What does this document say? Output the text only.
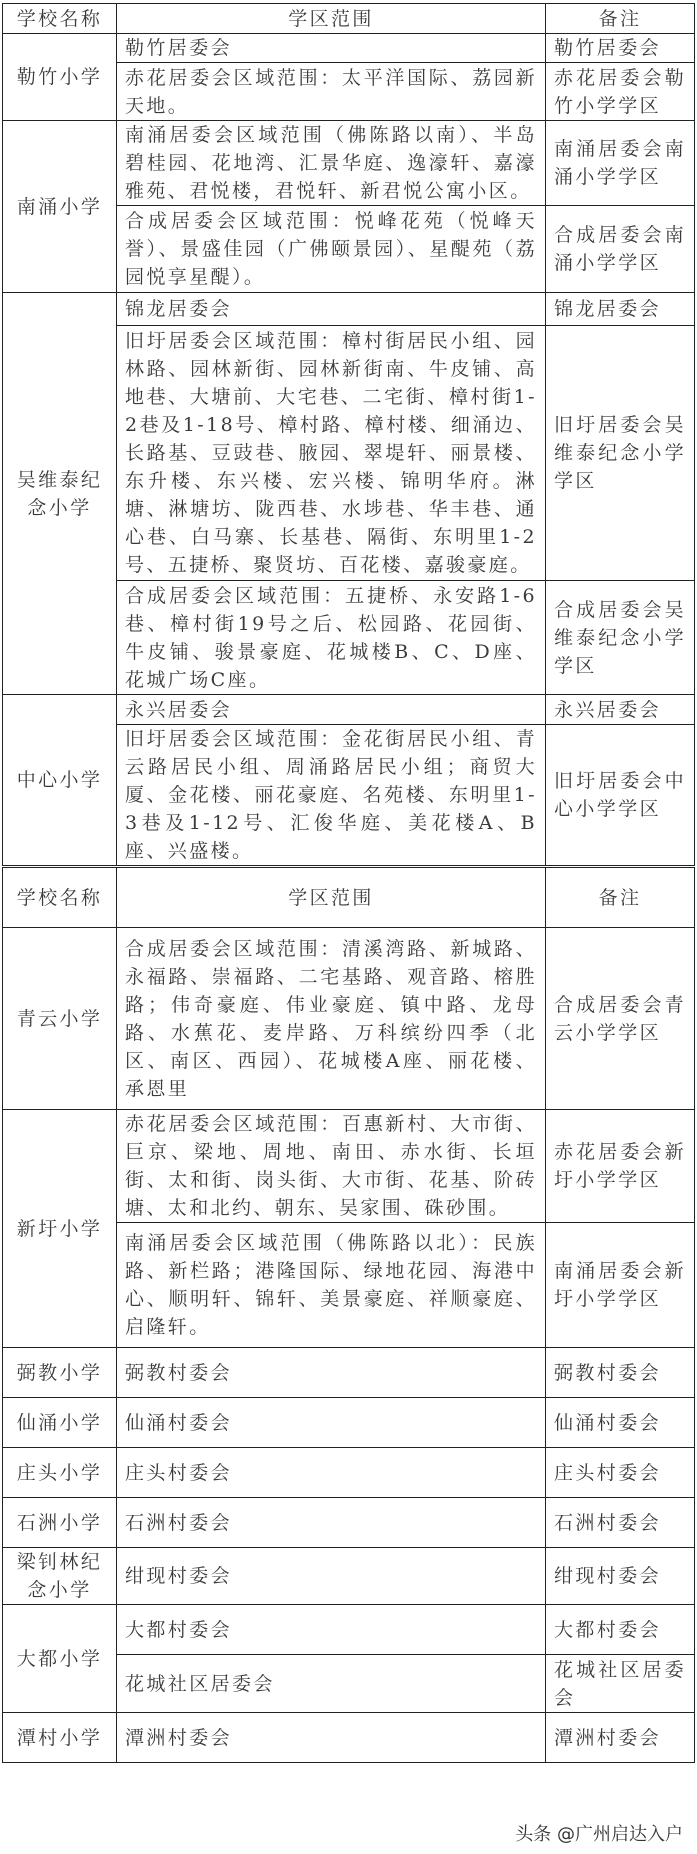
学校名称	学区范围	备注
勒竹小学	勒竹居委会	勒竹居委会
	赤花居委会区域范围：太平洋国际、荔园新天地。	赤花居委会勒竹小学学区
南涌小学	南涌居委会区域范围（佛陈路以南）、半岛碧桂园、花地湾、汇景华庭、逸濠轩、嘉濠雅苑、君悦楼，君悦轩、新君悦公寓小区。	南涌居委会南涌小学学区
	合成居委会区域范围：悦峰花苑（悦峰天誉）、景盛佳园（广佛颐景园）、星醍苑（荔园悦享星醍）。	合成居委会南涌小学学区
吴维泰纪念小学	锦龙居委会	锦龙居委会
	旧圩居委会区域范围：樟村街居民小组、园林路、园林新街、园林新街南、牛皮铺、高地巷、大塘前、大宅巷、二宅街、樟村街1-2巷及1-18号、樟村路、樟村楼、细涌边、长路基、豆豉巷、腋园、翠堤轩、丽景楼、东升楼、东兴楼、宏兴楼、锦明华府。淋塘、淋塘坊、陇西巷、水埗巷、华丰巷、通心巷、白马寨、长基巷、隔街、东明里1-2号、五捷桥、聚贤坊、百花楼、嘉骏豪庭。	旧圩居委会吴维泰纪念小学学区
	合成居委会区域范围：五捷桥、永安路1-6巷、樟村街19号之后、松园路、花园街、牛皮铺、骏景豪庭、花城楼B、C、D座、花城广场C座。	合成居委会吴维泰纪念小学学区
中心小学	永兴居委会	永兴居委会
	旧圩居委会区域范围：金花街居民小组、青云路居民小组、周涌路居民小组；商贸大厦、金花楼、丽花豪庭、名苑楼、东明里1-3巷及1-12号、汇俊华庭、美花楼A、B座、兴盛楼。	旧圩居委会中心小学学区
学校名称	学区范围	备注
青云小学	合成居委会区域范围：清溪湾路、新城路、永福路、崇福路、二宅基路、观音路、榕胜路；伟奇豪庭、伟业豪庭、镇中路、龙母路、水蕉花、麦岸路、万科缤纷四季（北区、南区、西园）、花城楼A座、丽花楼、承恩里	合成居委会青云小学学区
新圩小学	赤花居委会区域范围：百惠新村、大市街、巨京、梁地、周地、南田、赤水街、长垣街、太和街、岗头街、大市街、花基、阶砖塘、太和北约、朝东、吴家围、硃砂围。	赤花居委会新圩小学学区
	南涌居委会区域范围（佛陈路以北）：民族路、新栏路；港隆国际、绿地花园、海港中心、顺明轩、锦轩、美景豪庭、祥顺豪庭、启隆轩。	南涌居委会新圩小学学区
弼教小学	弼教村委会	弼教村委会
仙涌小学	仙涌村委会	仙涌村委会
庄头小学	庄头村委会	庄头村委会
石洲小学	石洲村委会	石洲村委会
梁钊林纪念小学	绀现村委会	绀现村委会
大都小学	大都村委会	大都村委会
	花城社区居委会	花城社区居委会
潭村小学	潭洲村委会	潭洲村委会
头条 @广州启达入户
